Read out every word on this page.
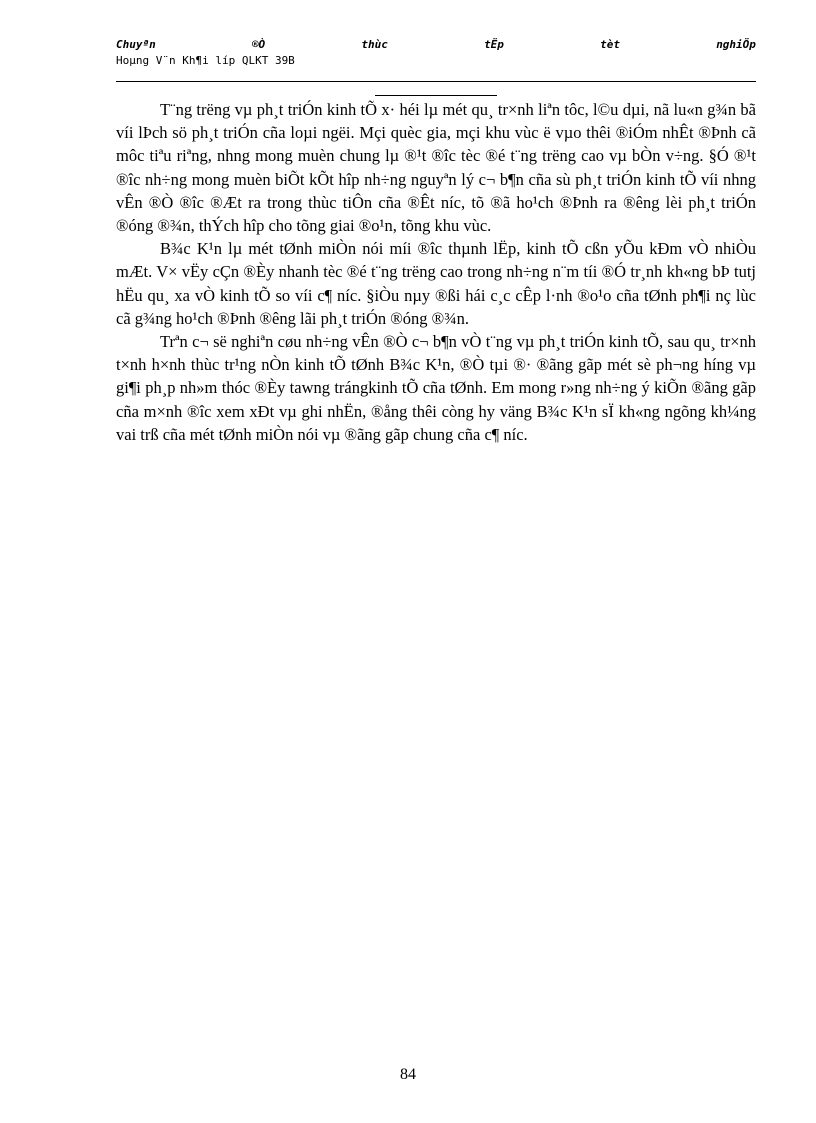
Chuyªn	®Ò	thùc	tËp	tèt	nghiÖp
Hoµng V¨n Kh¶i líp QLKT 39B

T¨ng trëng vµ ph¸t triÓn kinh tÕ x· héi lµ mét qu¸ tr×nh liªn tôc, l©u dµi, nã lu«n g¾n bã víi lÞch sö ph¸t triÓn cña loµi ngëi. Mçi quèc gia, mçi khu vùc ë vµo thêi ®iÓm nhÊt ®Þnh cã môc tiªu riªng, nhng mong muèn chung lµ ®¹t ®îc tèc ®é t¨ng trëng cao vµ bÒn v÷ng. §Ó ®¹t ®îc nh÷ng mong muèn biÕt kÕt hîp nh÷ng nguyªn lý c¬ b¶n cña sù ph¸t triÓn kinh tÕ víi nhng vÊn ®Ò ®îc ®Æt ra trong thùc tiÔn cña ®Êt níc, tõ ®ã ho¹ch ®Þnh ra ®êng lèi ph¸t triÓn ®óng ®¾n, thÝch hîp cho tõng giai ®o¹n, tõng khu vùc.

B¾c K¹n lµ mét tØnh miÒn nói míi ®îc thµnh lËp, kinh tÕ cßn yÕu kÐm vÒ nhiÒu mÆt. V× vËy cÇn ®Èy nhanh tèc ®é t¨ng trëng cao trong nh÷ng n¨m tíi ®Ó tr¸nh kh«ng bÞ tutj hËu qu¸ xa vÒ kinh tÕ so víi c¶ níc. §iÒu nµy ®ßi hái c¸c cÊp l·nh ®o¹o cña tØnh ph¶i nç lùc cã g¾ng ho¹ch ®Þnh ®êng lãi ph¸t triÓn ®óng ®¾n.

Trªn c¬ së nghiªn cøu nh÷ng vÊn ®Ò c¬ b¶n vÒ t¨ng vµ ph¸t triÓn kinh tÕ, sau qu¸ tr×nh t×nh h×nh thùc tr¹ng nÒn kinh tÕ tØnh B¾c K¹n, ®Ò tµi ®· ®ãng gãp mét sè ph¬ng híng vµ gi¶i ph¸p nh»m thóc ®Èy tawng trángkinh tÕ cña tØnh. Em mong r»ng nh÷ng ý kiÕn ®ãng gãp cña m×nh ®îc xem xÐt vµ ghi nhËn, ®ång thêi còng hy väng B¾c K¹n sÏ kh«ng ngõng kh¼ng vai trß cña mét tØnh miÒn nói vµ ®ãng gãp chung cña c¶ níc.

84
